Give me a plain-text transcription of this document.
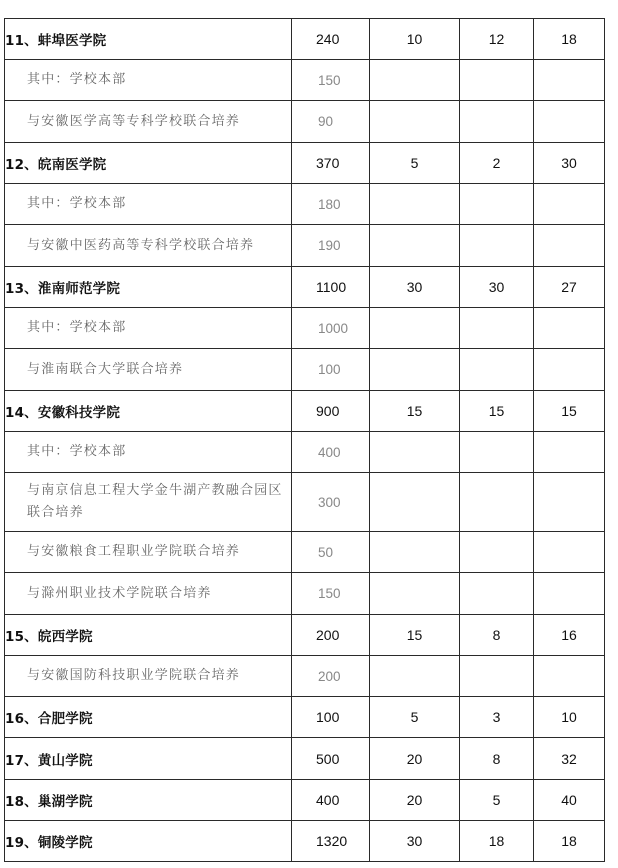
11、蚌埠医学院	240	10	12	18
其中：学校本部	150			
与安徽医学高等专科学校联合培养	90			
12、皖南医学院	370	5	2	30
其中：学校本部	180			
与安徽中医药高等专科学校联合培养	190			
13、淮南师范学院	1100	30	30	27
其中：学校本部	1000			
与淮南联合大学联合培养	100			
14、安徽科技学院	900	15	15	15
其中：学校本部	400			
与南京信息工程大学金牛湖产教融合园区联合培养	300			
与安徽粮食工程职业学院联合培养	50			
与滁州职业技术学院联合培养	150			
15、皖西学院	200	15	8	16
与安徽国防科技职业学院联合培养	200			
16、合肥学院	100	5	3	10
17、黄山学院	500	20	8	32
18、巢湖学院	400	20	5	40
19、铜陵学院	1320	30	18	18
